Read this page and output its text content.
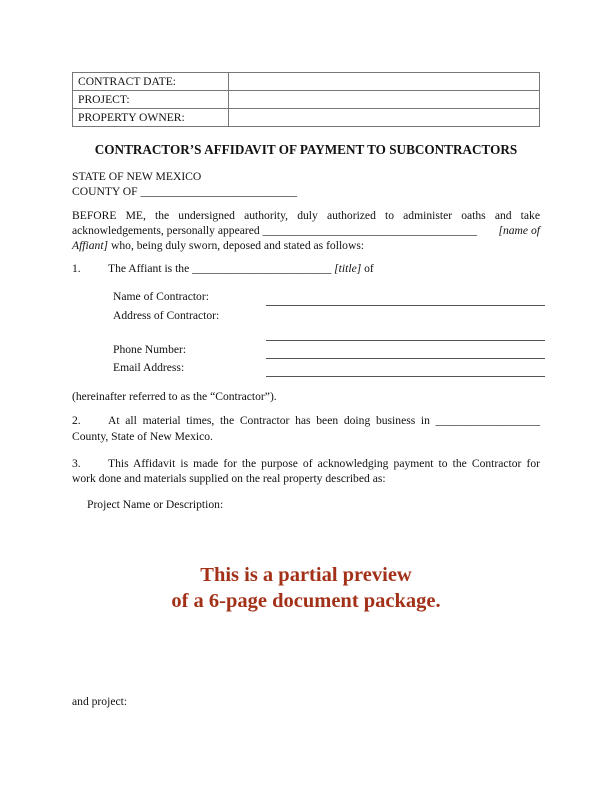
CONTRACT DATE:	
PROJECT:	
PROPERTY OWNER:	
CONTRACTOR’S AFFIDAVIT OF PAYMENT TO SUBCONTRACTORS
STATE OF NEW MEXICO
COUNTY OF ___________________________
BEFORE ME, the undersigned authority, duly authorized to administer oaths and take
acknowledgements, personally appeared _____________________________________ [name of
Affiant] who, being duly sworn, deposed and stated as follows:
1. The Affiant is the ________________________ [title] of
Name of Contractor:
Address of Contractor:
Phone Number:
Email Address:
(hereinafter referred to as the “Contractor”).
2. At all material times, the Contractor has been doing business in __________________
County, State of New Mexico.
3. This Affidavit is made for the purpose of acknowledging payment to the Contractor for
work done and materials supplied on the real property described as:
Project Name or Description:
This is a partial preview
of a 6-page document package.
and project:
